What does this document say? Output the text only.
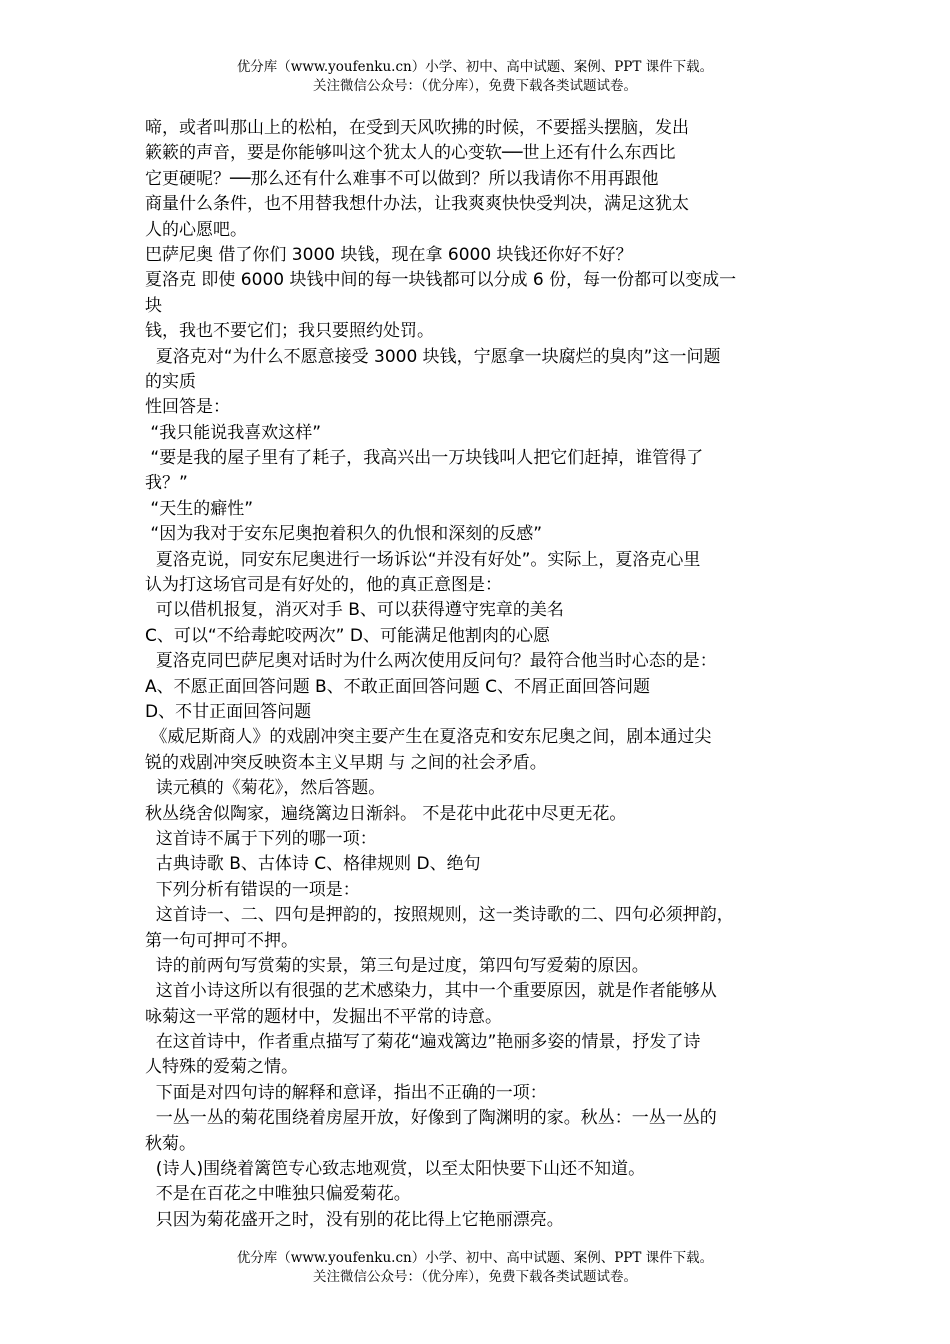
优分库（www.youfenku.cn）小学、初中、高中试题、案例、PPT 课件下载。
关注微信公众号：（优分库），免费下载各类试题试卷。
啼，或者叫那山上的松柏，在受到天风吹拂的时候，不要摇头摆脑，发出
簌簌的声音，要是你能够叫这个犹太人的心变软──世上还有什么东西比
它更硬呢？──那么还有什么难事不可以做到？所以我请你不用再跟他
商量什么条件，也不用替我想什办法，让我爽爽快快受判决，满足这犹太
人的心愿吧。
巴萨尼奥 借了你们 3000 块钱，现在拿 6000 块钱还你好不好？
夏洛克 即使 6000 块钱中间的每一块钱都可以分成 6 份，每一份都可以变成一
块
钱，我也不要它们；我只要照约处罚。
夏洛克对“为什么不愿意接受 3000 块钱，宁愿拿一块腐烂的臭肉”这一问题
的实质
性回答是：
“我只能说我喜欢这样”
“要是我的屋子里有了耗子，我高兴出一万块钱叫人把它们赶掉，谁管得了
我？”
“天生的癖性”
“因为我对于安东尼奥抱着积久的仇恨和深刻的反感”
夏洛克说，同安东尼奥进行一场诉讼“并没有好处”。实际上，夏洛克心里
认为打这场官司是有好处的，他的真正意图是：
可以借机报复，消灭对手 B、可以获得遵守宪章的美名
C、可以“不给毒蛇咬两次” D、可能满足他割肉的心愿
夏洛克同巴萨尼奥对话时为什么两次使用反问句？最符合他当时心态的是：
A、不愿正面回答问题 B、不敢正面回答问题 C、不屑正面回答问题
D、不甘正面回答问题
《威尼斯商人》的戏剧冲突主要产生在夏洛克和安东尼奥之间，剧本通过尖
锐的戏剧冲突反映资本主义早期 与 之间的社会矛盾。
读元稹的《菊花》，然后答题。
秋丛绕舍似陶家，遍绕篱边日渐斜。 不是花中此花中尽更无花。
这首诗不属于下列的哪一项：
古典诗歌 B、古体诗 C、格律规则 D、绝句
下列分析有错误的一项是：
这首诗一、二、四句是押韵的，按照规则，这一类诗歌的二、四句必须押韵，
第一句可押可不押。
诗的前两句写赏菊的实景，第三句是过度，第四句写爱菊的原因。
这首小诗这所以有很强的艺术感染力，其中一个重要原因，就是作者能够从
咏菊这一平常的题材中，发掘出不平常的诗意。
在这首诗中，作者重点描写了菊花“遍戏篱边”艳丽多姿的情景，抒发了诗
人特殊的爱菊之情。
下面是对四句诗的解释和意译，指出不正确的一项：
一丛一丛的菊花围绕着房屋开放，好像到了陶渊明的家。秋丛：一丛一丛的
秋菊。
(诗人)围绕着篱笆专心致志地观赏，以至太阳快要下山还不知道。
不是在百花之中唯独只偏爱菊花。
只因为菊花盛开之时，没有别的花比得上它艳丽漂亮。
优分库（www.youfenku.cn）小学、初中、高中试题、案例、PPT 课件下载。
关注微信公众号：（优分库），免费下载各类试题试卷。
